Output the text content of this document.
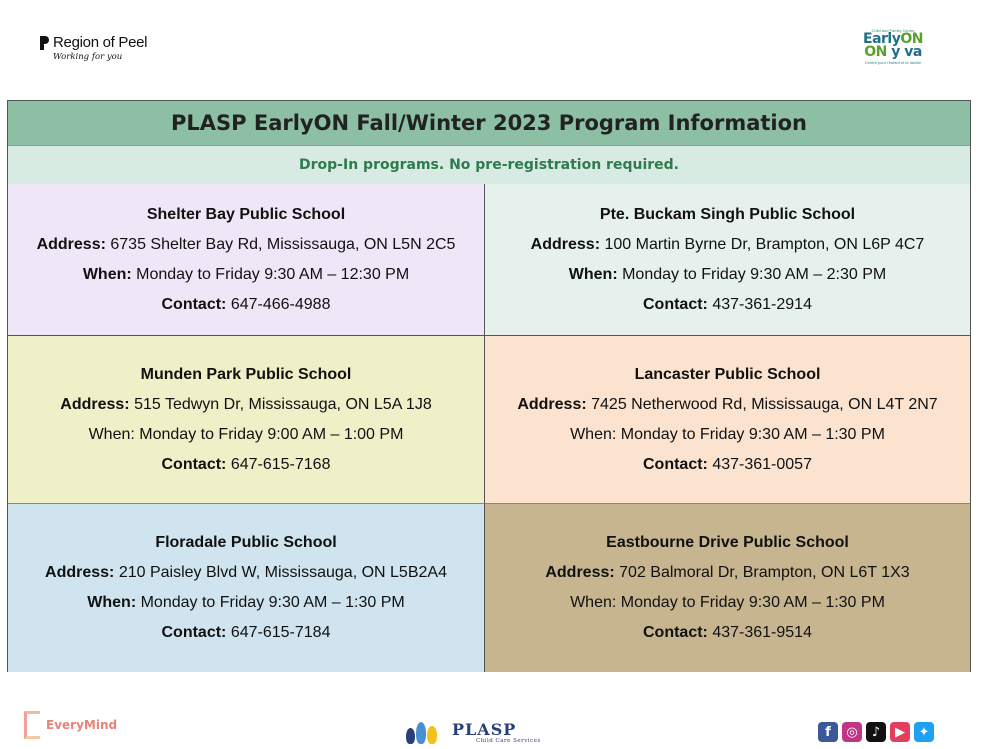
Region of Peel
Working for you
Child and Family Centre
EarlyON
ON y va
Centre pour l'enfant et la famille
PLASP EarlyON Fall/Winter 2023 Program Information
Drop-In programs. No pre-registration required.
Shelter Bay Public School
Address: 6735 Shelter Bay Rd, Mississauga, ON L5N 2C5
When: Monday to Friday 9:30 AM – 12:30 PM
Contact: 647-466-4988
Pte. Buckam Singh Public School
Address: 100 Martin Byrne Dr, Brampton, ON L6P 4C7
When: Monday to Friday 9:30 AM – 2:30 PM
Contact: 437-361-2914
Munden Park Public School
Address: 515 Tedwyn Dr, Mississauga, ON L5A 1J8
When: Monday to Friday 9:00 AM – 1:00 PM
Contact: 647-615-7168
Lancaster Public School
Address: 7425 Netherwood Rd, Mississauga, ON L4T 2N7
When: Monday to Friday 9:30 AM – 1:30 PM
Contact: 437-361-0057
Floradale Public School
Address: 210 Paisley Blvd W, Mississauga, ON L5B2A4
When: Monday to Friday 9:30 AM – 1:30 PM
Contact: 647-615-7184
Eastbourne Drive Public School
Address: 702 Balmoral Dr, Brampton, ON L6T 1X3
When: Monday to Friday 9:30 AM – 1:30 PM
Contact: 437-361-9514
EveryMind	PLASP
Child Care Services
f	◎	♪	▶	✦
